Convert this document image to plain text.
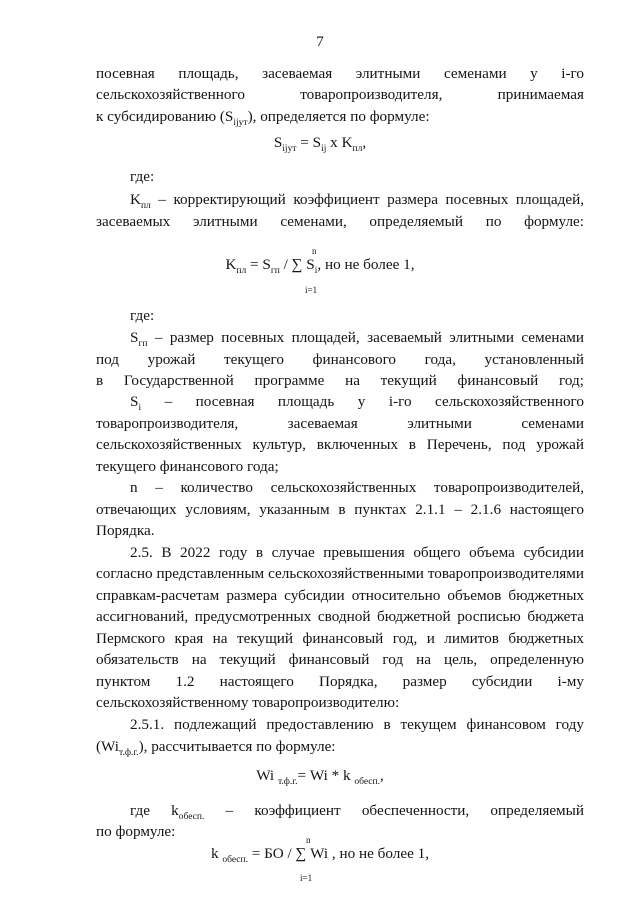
7
посевная площадь, засеваемая элитными семенами у i-го
сельскохозяйственного товаропроизводителя, принимаемая
к субсидированию $(S_{ijут})$, определяется по формуле:
$S_{ijут} = S_{ij}$ x $K_{пл}$,
где:
$K_{пл}$ – корректирующий коэффициент размера посевных площадей,
засеваемых элитными семенами, определяемый по формуле:
n
$K_{пл} = S_{гп}$ / ∑ $S_i$, но не более 1,
i=1
где:
$S_{гп}$ – размер посевных площадей, засеваемый элитными семенами
под урожай текущего финансового года, установленный
в Государственной программе на текущий финансовый год;
$S_i$ – посевная площадь у i-го сельскохозяйственного
товаропроизводителя, засеваемая элитными семенами
сельскохозяйственных культур, включенных в Перечень, под урожай
текущего финансового года;
n – количество сельскохозяйственных товаропроизводителей,
отвечающих условиям, указанным в пунктах 2.1.1 – 2.1.6 настоящего
Порядка.
2.5. В 2022 году в случае превышения общего объема субсидии
согласно представленным сельскохозяйственными товаропроизводителями
справкам-расчетам размера субсидии относительно объемов бюджетных
ассигнований, предусмотренных сводной бюджетной росписью бюджета
Пермского края на текущий финансовый год, и лимитов бюджетных
обязательств на текущий финансовый год на цель, определенную
пунктом 1.2 настоящего Порядка, размер субсидии i-му
сельскохозяйственному товаропроизводителю:
2.5.1. подлежащий предоставлению в текущем финансовом году
$(Wi_{т.ф.г.})$, рассчитывается по формуле:
Wi $_{т.ф.г.}$= Wi * k $_{обесп.}$,
где $k_{обесп.}$ – коэффициент обеспеченности, определяемый
по формуле:	n
k $_{обесп.}$ = БО / ∑ Wi , но не более 1,
i=1
